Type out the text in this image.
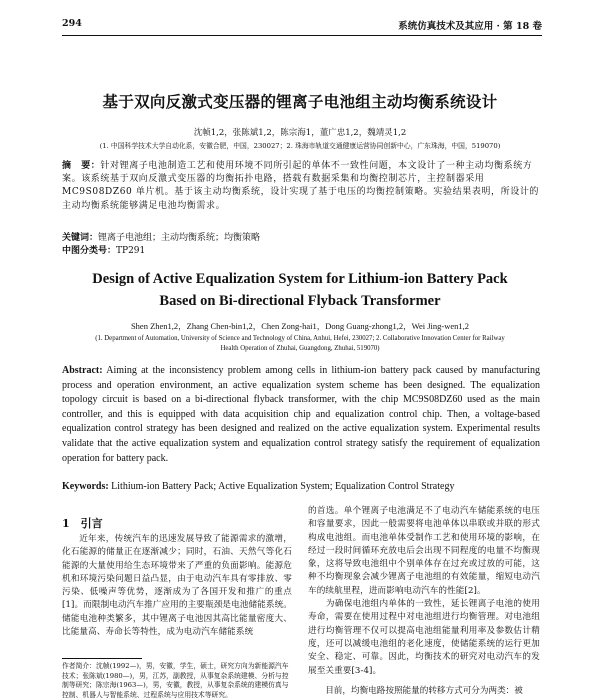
294	系统仿真技术及其应用 · 第 18 卷
基于双向反激式变压器的锂离子电池组主动均衡系统设计
沈帧1,2，张陈斌1,2，陈宗海1，董广忠1,2，魏靖灵1,2
(1. 中国科学技术大学自动化系，安徽合肥，中国，230027；2. 珠海市轨道交通健康运营协同创新中心，广东珠海，中国，519070)
摘　要：针对锂离子电池制造工艺和使用环境不同所引起的单体不一致性问题，本文设计了一种主动均衡系统方案。该系统基于双向反激式变压器的均衡拓扑电路，搭载有数据采集和均衡控制芯片，主控制器采用 MC9S08DZ60 单片机。基于该主动均衡系统，设计实现了基于电压的均衡控制策略。实验结果表明，所设计的主动均衡系统能够满足电池均衡需求。
关键词：锂离子电池组；主动均衡系统；均衡策略
中图分类号：TP291
Design of Active Equalization System for Lithium-ion Battery Pack Based on Bi-directional Flyback Transformer
Shen Zhen1,2，Zhang Chen-bin1,2，Chen Zong-hai1，Dong Guang-zhong1,2，Wei Jing-wen1,2
(1. Department of Automation, University of Science and Technology of China, Anhui, Hefei, 230027; 2. Collaborative Innovation Center for Railway Health Operation of Zhuhai, Guangdong, Zhuhai, 519070)
Abstract: Aiming at the inconsistency problem among cells in lithium-ion battery pack caused by manufacturing process and operation environment, an active equalization system scheme has been designed. The equalization topology circuit is based on a bi-directional flyback transformer, with the chip MC9S08DZ60 used as the main controller, and this is equipped with data acquisition chip and equalization control chip. Then, a voltage-based equalization control strategy has been designed and realized on the active equalization system. Experimental results validate that the active equalization system and equalization control strategy satisfy the requirement of equalization operation for battery pack.
Keywords: Lithium-ion Battery Pack; Active Equalization System; Equalization Control Strategy
1　引言
近年来，传统汽车的迅速发展导致了能源需求的激增，化石能源的储量正在逐渐减少；同时，石油、天然气等化石能源的大量使用给生态环境带来了严重的负面影响。能源危机和环境污染问题日益凸显，由于电动汽车具有零排放、零污染、低噪声等优势，逐渐成为了各国开发和推广的重点[1]。而限制电动汽车推广应用的主要瓶颈是电池储能系统。储能电池种类繁多，其中锂离子电池因其高比能量密度大、比能量高、寿命长等特性，成为电动汽车储能系统
的首选。单个锂离子电池满足不了电动汽车储能系统的电压和容量要求，因此一般需要将电池单体以串联或并联的形式构成电池组。而电池单体受制作工艺和使用环境的影响，在经过一段时间循环充放电后会出现不同程度的电量不均衡现象，这将导致电池组中个别单体存在过充或过放的可能，这种不均衡现象会减少锂离子电池组的有效能量，缩短电动汽车的续航里程，进而影响电动汽车的性能[2]。
　　为确保电池组内单体的一致性，延长锂离子电池的使用寿命，需要在使用过程中对电池组进行均衡管理。对电池组进行均衡管理不仅可以提高电池组能量利用率及参数估计精度，还可以减缓电池组的老化速度，使储能系统的运行更加安全、稳定、可靠。因此，均衡技术的研究对电动汽车的发展至关重要[3-4]。
作者简介：沈帧(1992—)，男，安徽，学生，硕士，研究方向为新能源汽车技术；张陈斌(1980—)，男，江苏，副教授，从事复杂系统建模、分析与控制等研究；陈宗海(1963—)，男，安徽，教授，从事复杂系统的建模仿真与控制、机器人与智能系统、过程系统与应用技术等研究。	目前，均衡电路按照能量的转移方式可分为两类：被
